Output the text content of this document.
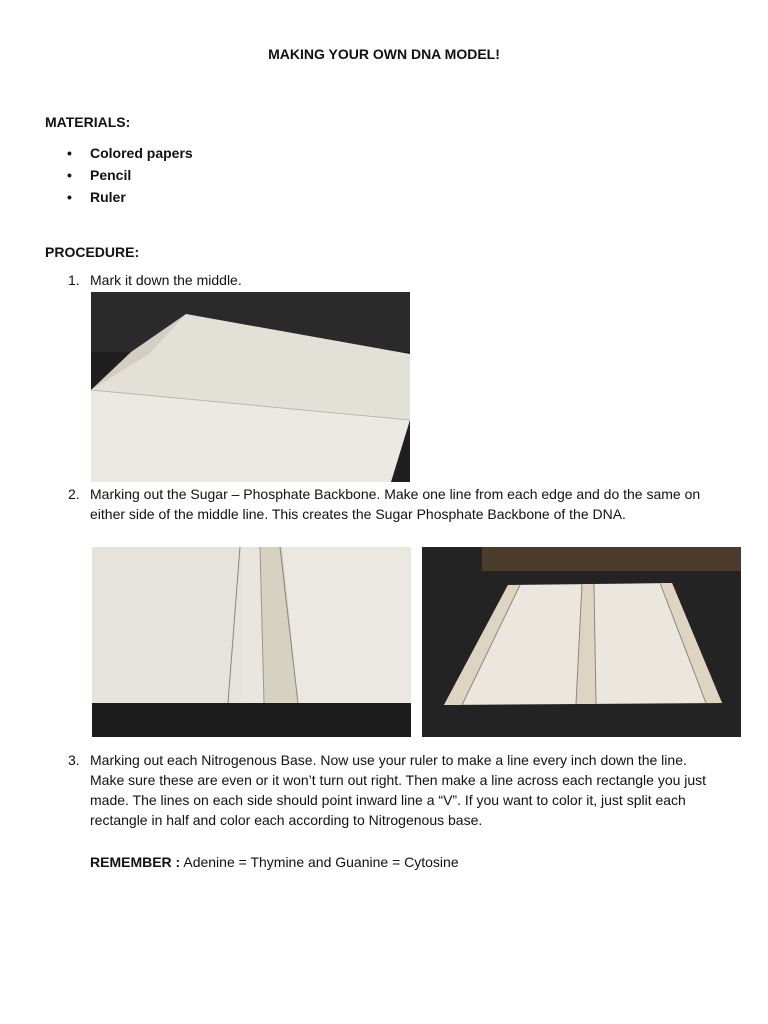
MAKING YOUR OWN DNA MODEL!
MATERIALS:
• Colored papers
• Pencil
• Ruler
PROCEDURE:
1. Mark it down the middle.
2. Marking out the Sugar – Phosphate Backbone. Make one line from each edge and do the same on either side of the middle line. This creates the Sugar Phosphate Backbone of the DNA.
3. Marking out each Nitrogenous Base. Now use your ruler to make a line every inch down the line. Make sure these are even or it won’t turn out right. Then make a line across each rectangle you just made. The lines on each side should point inward line a “V”. If you want to color it, just split each rectangle in half and color each according to Nitrogenous base.
REMEMBER : Adenine = Thymine and Guanine = Cytosine
